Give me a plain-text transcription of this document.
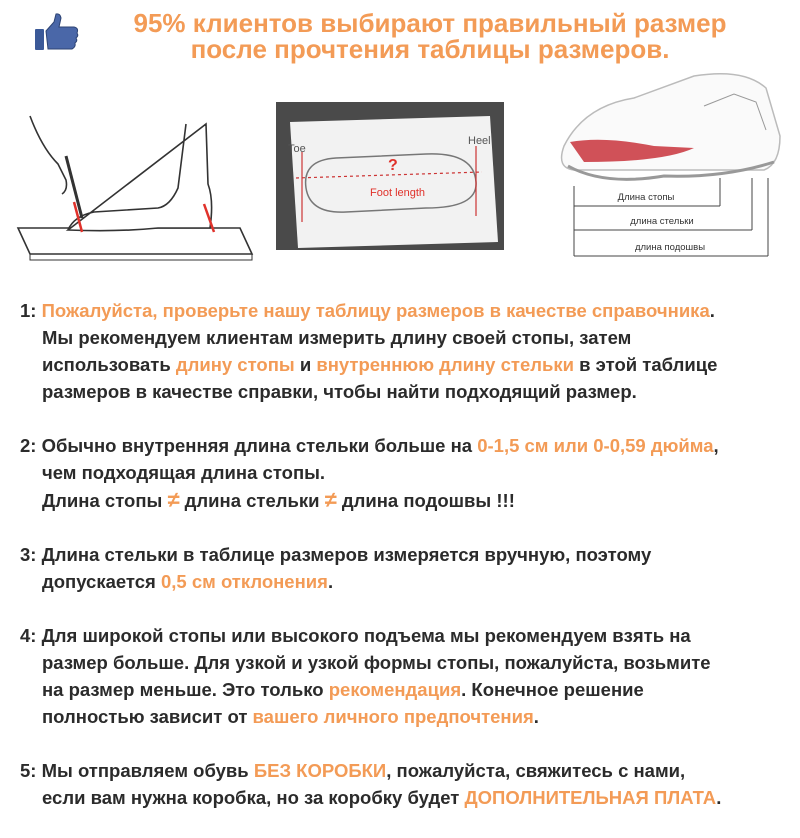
95% клиентов выбирают правильный размер
после прочтения таблицы размеров.
Toe
Heel
?
Foot length	Длина стопы
длина стельки
длина подошвы

1: Пожалуйста, проверьте нашу таблицу размеров в качестве справочника.

Мы рекомендуем клиентам измерить длину своей стопы, затем

использовать длину стопы и внутреннюю длину стельки в этой таблице

размеров в качестве справки, чтобы найти подходящий размер.

2: Обычно внутренняя длина стельки больше на 0-1,5 см или 0-0,59 дюйма,

чем подходящая длина стопы.

Длина стопы ≠ длина стельки ≠ длина подошвы !!!

3: Длина стельки в таблице размеров измеряется вручную, поэтому

допускается 0,5 см отклонения.

4: Для широкой стопы или высокого подъема мы рекомендуем взять на

размер больше. Для узкой и узкой формы стопы, пожалуйста, возьмите

на размер меньше. Это только рекомендация. Конечное решение

полностью зависит от вашего личного предпочтения.

5: Мы отправляем обувь БЕЗ КОРОБКИ, пожалуйста, свяжитесь с нами,

если вам нужна коробка, но за коробку будет ДОПОЛНИТЕЛЬНАЯ ПЛАТА.
